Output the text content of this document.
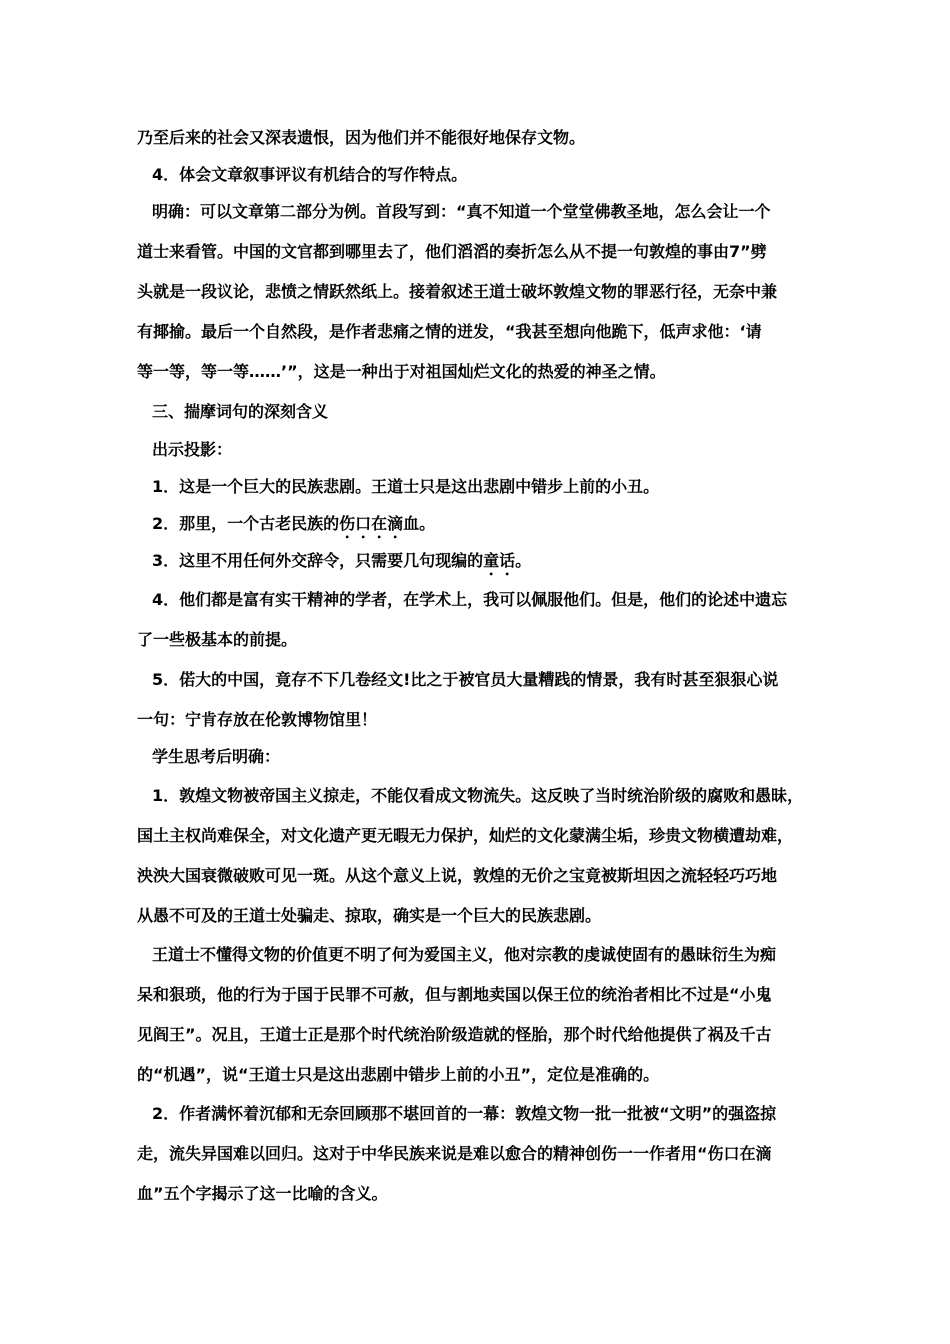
乃至后来的社会又深表遗恨，因为他们并不能很好地保存文物。
4．体会文章叙事评议有机结合的写作特点。
明确：可以文章第二部分为例。首段写到：“真不知道一个堂堂佛教圣地，怎么会让一个
道士来看管。中国的文官都到哪里去了，他们滔滔的奏折怎么从不提一句敦煌的事由7”劈
头就是一段议论，悲愤之情跃然纸上。接着叙述王道士破坏敦煌文物的罪恶行径，无奈中兼
有揶揄。最后一个自然段，是作者悲痛之情的迸发，“我甚至想向他跪下，低声求他：‘请
等一等，等一等……’”，这是一种出于对祖国灿烂文化的热爱的神圣之情。
三、揣摩词句的深刻含义
出示投影：
1．这是一个巨大的民族悲剧。王道士只是这出悲剧中错步上前的小丑。
2．那里，一个古老民族的伤口在滴血。
3．这里不用任何外交辞令，只需要几句现编的童话。
4．他们都是富有实干精神的学者，在学术上，我可以佩服他们。但是，他们的论述中遗忘
了一些极基本的前提。
5．偌大的中国，竟存不下几卷经文!比之于被官员大量糟践的情景，我有时甚至狠狠心说
一句：宁肯存放在伦敦博物馆里！
学生思考后明确：
1．敦煌文物被帝国主义掠走，不能仅看成文物流失。这反映了当时统治阶级的腐败和愚昧，
国土主权尚难保全，对文化遗产更无暇无力保护，灿烂的文化蒙满尘垢，珍贵文物横遭劫难，
泱泱大国衰微破败可见一斑。从这个意义上说，敦煌的无价之宝竟被斯坦因之流轻轻巧巧地
从愚不可及的王道士处骗走、掠取，确实是一个巨大的民族悲剧。
王道士不懂得文物的价值更不明了何为爱国主义，他对宗教的虔诚使固有的愚昧衍生为痴
呆和狠琐，他的行为于国于民罪不可赦，但与割地卖国以保王位的统治者相比不过是“小鬼
见阎王”。况且，王道士正是那个时代统治阶级造就的怪胎，那个时代给他提供了祸及千古
的“机遇”，说“王道士只是这出悲剧中错步上前的小丑”，定位是准确的。
2．作者满怀着沉郁和无奈回顾那不堪回首的一幕：敦煌文物一批一批被“文明”的强盗掠
走，流失异国难以回归。这对于中华民族来说是难以愈合的精神创伤一一作者用“伤口在滴
血”五个字揭示了这一比喻的含义。
